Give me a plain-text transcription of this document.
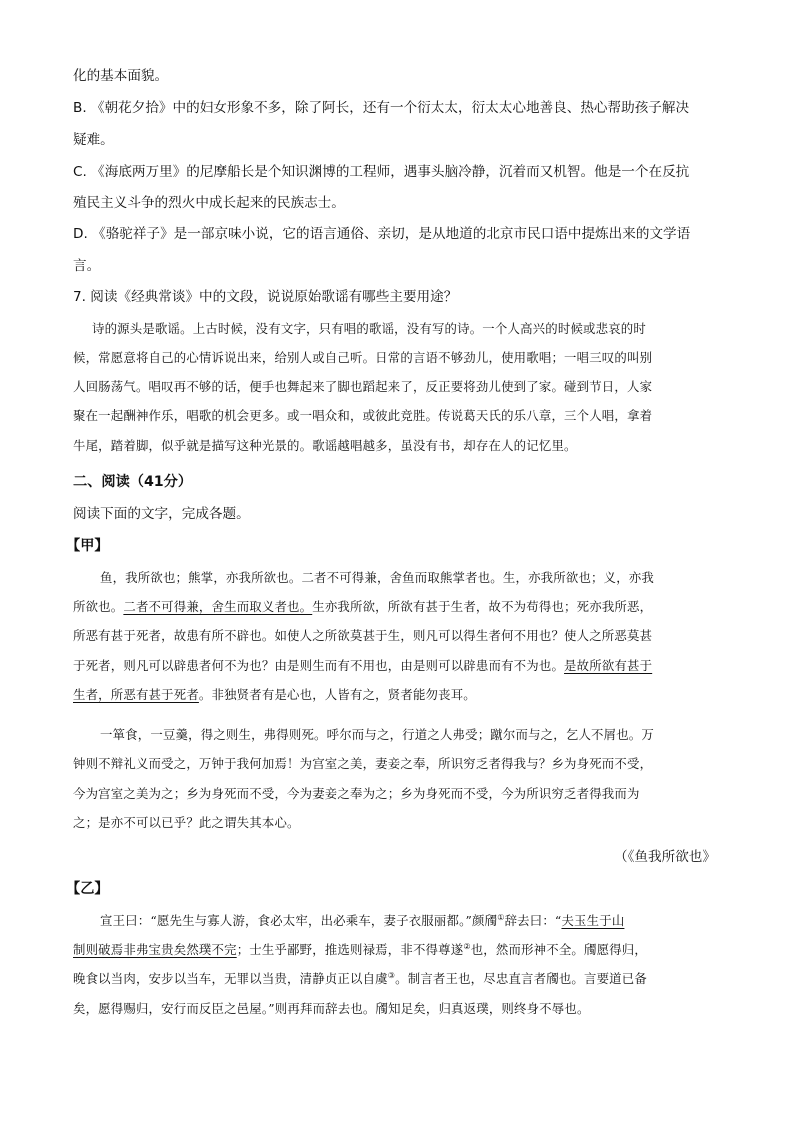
化的基本面貌。
B. 《朝花夕拾》中的妇女形象不多，除了阿长，还有一个衍太太，衍太太心地善良、热心帮助孩子解决
疑难。
C. 《海底两万里》的尼摩船长是个知识渊博的工程师，遇事头脑冷静，沉着而又机智。他是一个在反抗
殖民主义斗争的烈火中成长起来的民族志士。
D. 《骆驼祥子》是一部京味小说，它的语言通俗、亲切，是从地道的北京市民口语中提炼出来的文学语
言。
7. 阅读《经典常谈》中的文段，说说原始歌谣有哪些主要用途？
诗的源头是歌谣。上古时候，没有文字，只有唱的歌谣，没有写的诗。一个人高兴的时候或悲哀的时
候，常愿意将自己的心情诉说出来，给别人或自己听。日常的言语不够劲儿，使用歌唱；一唱三叹的叫别
人回肠荡气。唱叹再不够的话，便手也舞起来了脚也蹈起来了，反正要将劲儿使到了家。碰到节日，人家
聚在一起酬神作乐，唱歌的机会更多。或一唱众和，或彼此竞胜。传说葛天氏的乐八章，三个人唱，拿着
牛尾，踏着脚，似乎就是描写这种光景的。歌谣越唱越多，虽没有书，却存在人的记忆里。
二、阅读（41分）
阅读下面的文字，完成各题。
【甲】
鱼，我所欲也；熊掌，亦我所欲也。二者不可得兼，舍鱼而取熊掌者也。生，亦我所欲也；义，亦我
所欲也。二者不可得兼，舍生而取义者也。生亦我所欲，所欲有甚于生者，故不为苟得也；死亦我所恶，
所恶有甚于死者，故患有所不辟也。如使人之所欲莫甚于生，则凡可以得生者何不用也？使人之所恶莫甚
于死者，则凡可以辟患者何不为也？由是则生而有不用也，由是则可以辟患而有不为也。是故所欲有甚于
生者，所恶有甚于死者。非独贤者有是心也，人皆有之，贤者能勿丧耳。
一箪食，一豆羹，得之则生，弗得则死。呼尔而与之，行道之人弗受；蹴尔而与之，乞人不屑也。万
钟则不辩礼义而受之，万钟于我何加焉！为宫室之美，妻妾之奉，所识穷乏者得我与？乡为身死而不受，
今为宫室之美为之；乡为身死而不受，今为妻妾之奉为之；乡为身死而不受，今为所识穷乏者得我而为
之；是亦不可以已乎？此之谓失其本心。
（《鱼我所欲也》
【乙】
宣王曰：“愿先生与寡人游，食必太牢，出必乘车，妻子衣服丽都。”颜斶①辞去曰：“夫玉生于山
制则破焉非弗宝贵矣然璞不完；士生乎鄙野，推选则禄焉，非不得尊遂②也，然而形神不全。斶愿得归，
晚食以当肉，安步以当车，无罪以当贵，清静贞正以自虞③。制言者王也，尽忠直言者斶也。言要道已备
矣，愿得赐归，安行而反臣之邑屋。”则再拜而辞去也。斶知足矣，归真返璞，则终身不辱也。
